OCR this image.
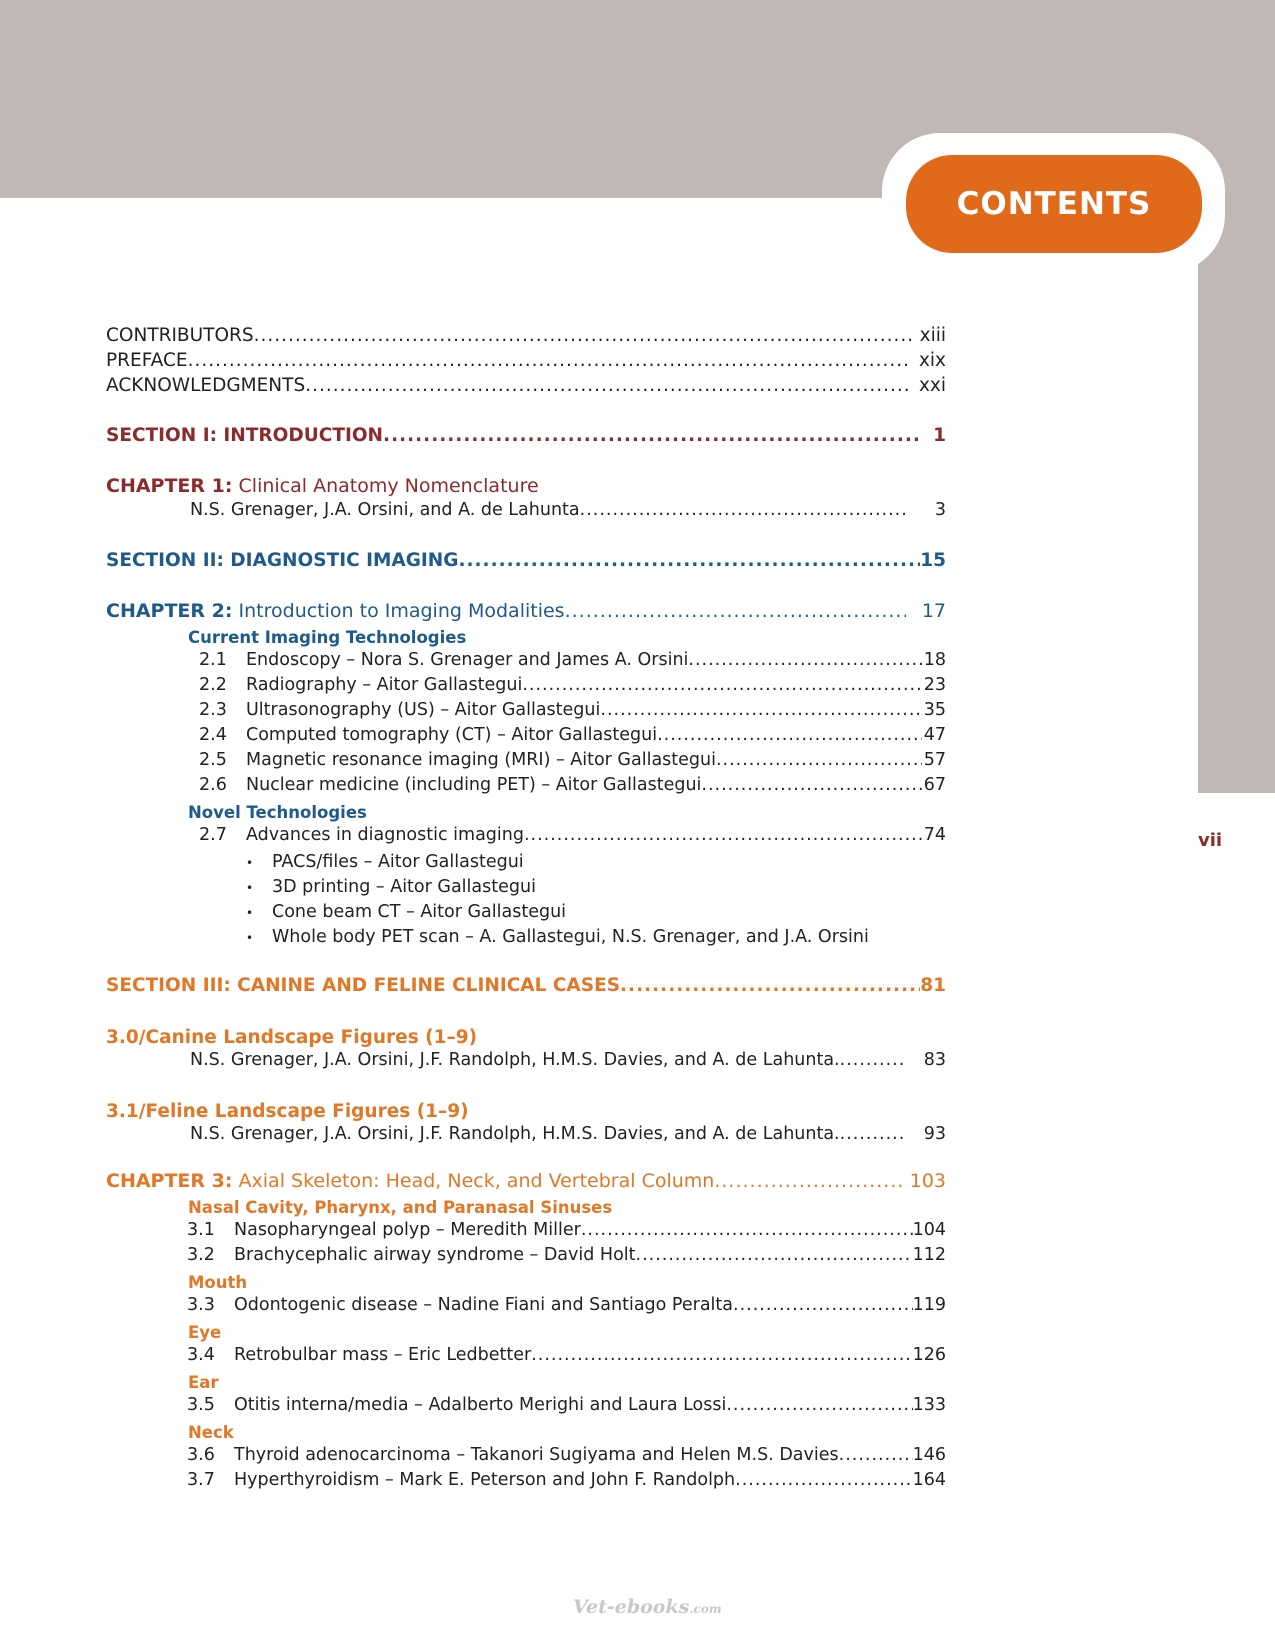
CONTENTS
vii
CONTRIBUTORS .....	xiii
PREFACE .....	xix
ACKNOWLEDGMENTS .....	xxi
SECTION I: INTRODUCTION .....	1
CHAPTER 1: Clinical Anatomy Nomenclature
N.S. Grenager, J.A. Orsini, and A. de Lahunta .....	3
SECTION II: DIAGNOSTIC IMAGING .....	15
CHAPTER 2: Introduction to Imaging Modalities .....	17
Current Imaging Technologies
2.1 Endoscopy – Nora S. Grenager and James A. Orsini .....	18
2.2 Radiography – Aitor Gallastegui .....	23
2.3 Ultrasonography (US) – Aitor Gallastegui .....	35
2.4 Computed tomography (CT) – Aitor Gallastegui .....	47
2.5 Magnetic resonance imaging (MRI) – Aitor Gallastegui .....	57
2.6 Nuclear medicine (including PET) – Aitor Gallastegui .....	67
Novel Technologies
2.7 Advances in diagnostic imaging .....	74
• PACS/files – Aitor Gallastegui
• 3D printing – Aitor Gallastegui
• Cone beam CT – Aitor Gallastegui
• Whole body PET scan – A. Gallastegui, N.S. Grenager, and J.A. Orsini
SECTION III: CANINE AND FELINE CLINICAL CASES .....	81
3.0/Canine Landscape Figures (1–9)
N.S. Grenager, J.A. Orsini, J.F. Randolph, H.M.S. Davies, and A. de Lahunta. .....	83
3.1/Feline Landscape Figures (1–9)
N.S. Grenager, J.A. Orsini, J.F. Randolph, H.M.S. Davies, and A. de Lahunta. .....	93
CHAPTER 3: Axial Skeleton: Head, Neck, and Vertebral Column .....	103
Nasal Cavity, Pharynx, and Paranasal Sinuses
3.1 Nasopharyngeal polyp – Meredith Miller .....	104
3.2 Brachycephalic airway syndrome – David Holt .....	112
Mouth
3.3 Odontogenic disease – Nadine Fiani and Santiago Peralta .....	119
Eye
3.4 Retrobulbar mass – Eric Ledbetter .....	126
Ear
3.5 Otitis interna/media – Adalberto Merighi and Laura Lossi .....	133
Neck
3.6 Thyroid adenocarcinoma – Takanori Sugiyama and Helen M.S. Davies .....	146
3.7 Hyperthyroidism – Mark E. Peterson and John F. Randolph .....	164
Vet-ebooks.com
